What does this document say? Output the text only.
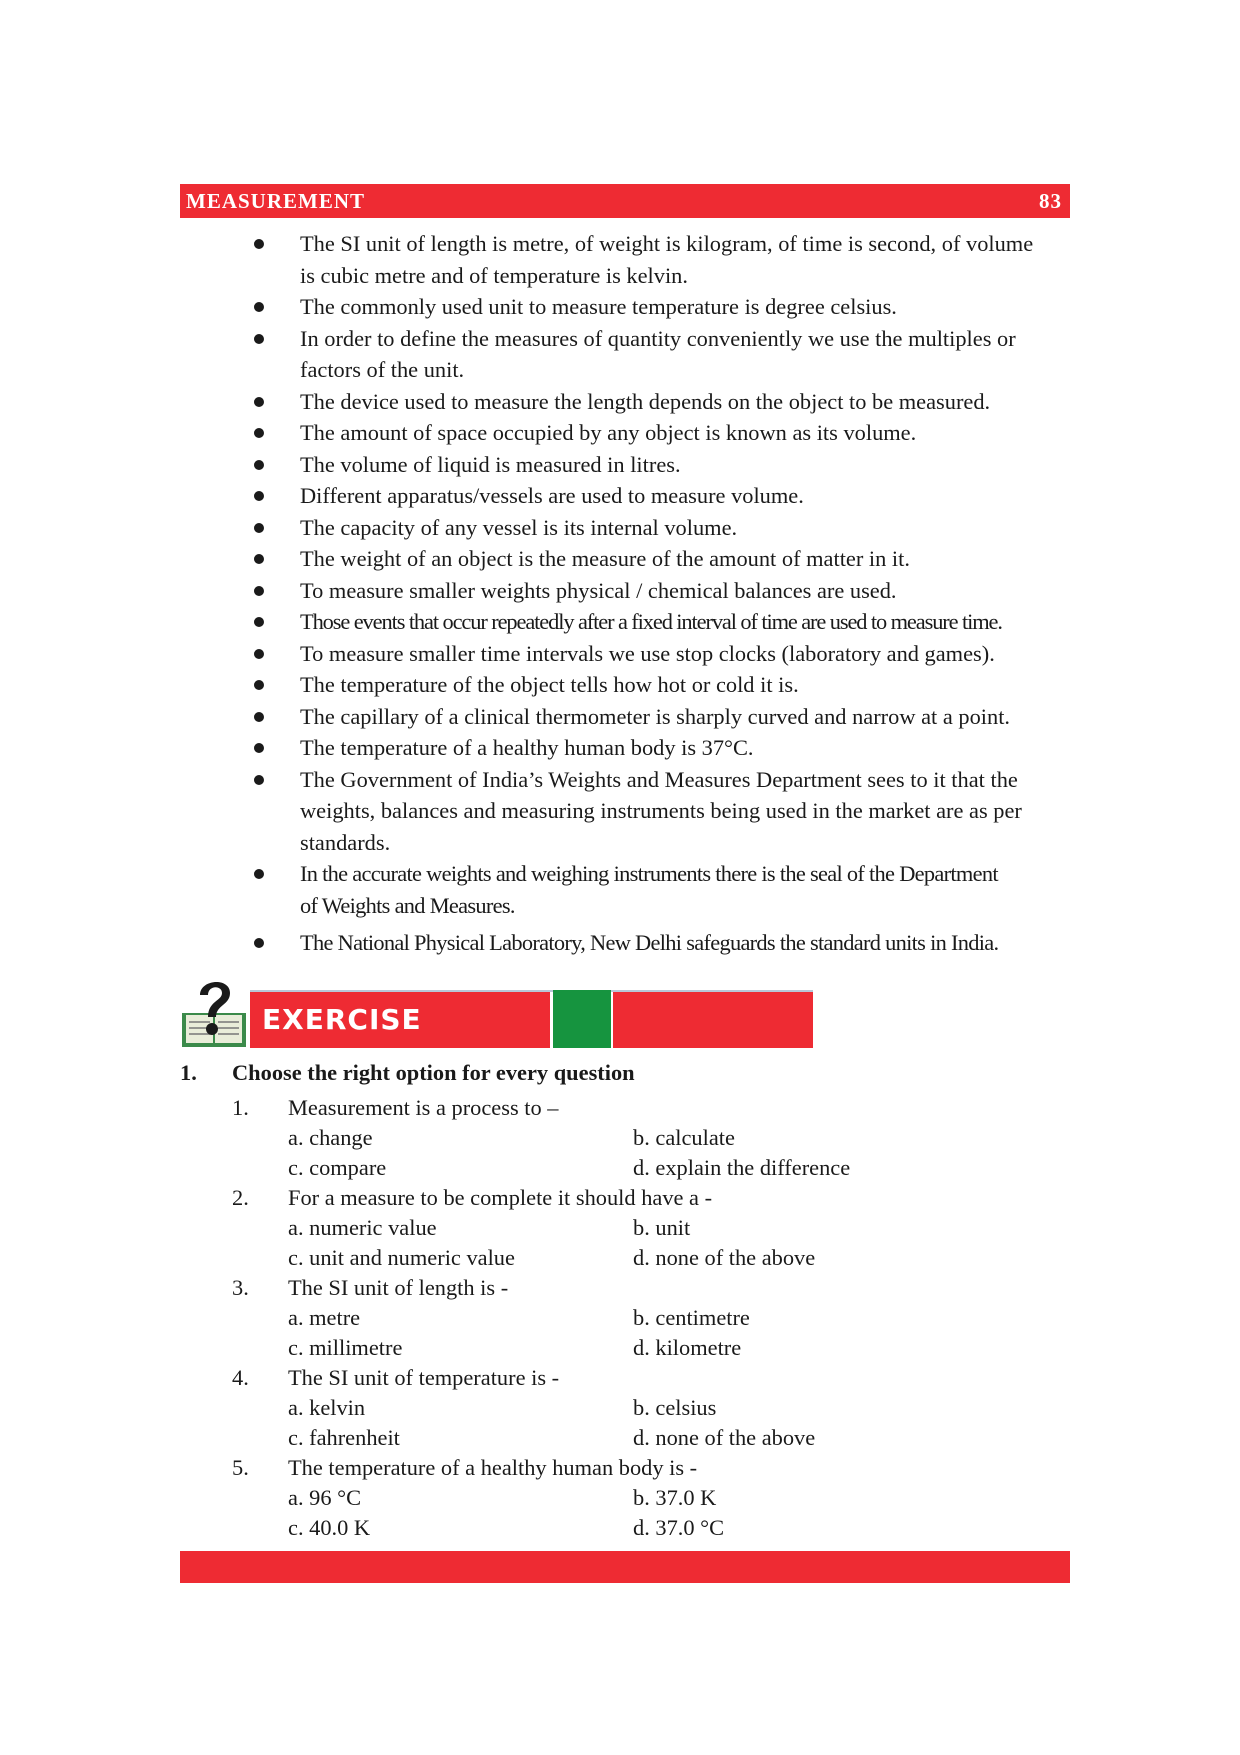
MEASUREMENT	83
The SI unit of length is metre, of weight is kilogram, of time is second, of volume
is cubic metre and of temperature is kelvin.
The commonly used unit to measure temperature is degree celsius.
In order to define the measures of quantity conveniently we use the multiples or
factors of the unit.
The device used to measure the length depends on the object to be measured.
The amount of space occupied by any object is known as its volume.
The volume of liquid is measured in litres.
Different apparatus/vessels are used to measure volume.
The capacity of any vessel is its internal volume.
The weight of an object is the measure of the amount of matter in it.
To measure smaller weights physical / chemical balances are used.
Those events that occur repeatedly after a fixed interval of time are used to measure time.
To measure smaller time intervals we use stop clocks (laboratory and games).
The temperature of the object tells how hot or cold it is.
The capillary of a clinical thermometer is sharply curved and narrow at a point.
The temperature of a healthy human body is 37°C.
The Government of India’s Weights and Measures Department sees to it that the
weights, balances and measuring instruments being used in the market are as per
standards.
In the accurate weights and weighing instruments there is the seal of the Department
of Weights and Measures.
The National Physical Laboratory, New Delhi safeguards the standard units in India.
EXERCISE
1. Choose the right option for every question
1.	Measurement is a process to –
a. change	b. calculate
c. compare	d. explain the difference
2.	For a measure to be complete it should have a -
a. numeric value	b. unit
c. unit and numeric value	d. none of the above
3.	The SI unit of length is -
a. metre	b. centimetre
c. millimetre	d. kilometre
4.	The SI unit of temperature is -
a. kelvin	b. celsius
c. fahrenheit	d. none of the above
5.	The temperature of a healthy human body is -
a. 96 °C	b. 37.0 K
c. 40.0 K	d. 37.0 °C
